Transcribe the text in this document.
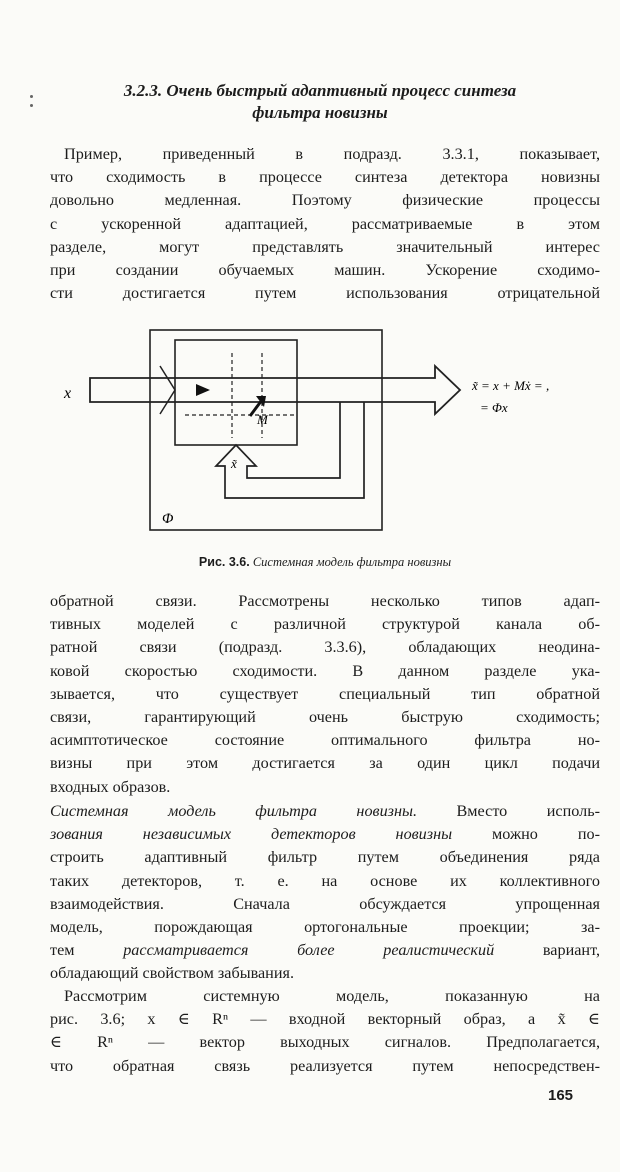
3.2.3. Очень быстрый адаптивный процесс синтеза
фильтра новизны
Пример, приведенный в подразд. 3.3.1, показывает,
что сходимость в процессе синтеза детектора новизны
довольно медленная. Поэтому физические процессы
с ускоренной адаптацией, рассматриваемые в этом
разделе, могут представлять значительный интерес
при создании обучаемых машин. Ускорение сходимо-
сти достигается путем использования отрицательной
x	x̃ = x + Mẋ = ,
= Φx
M
x̃
Φ
Рис. 3.6. Системная модель фильтра новизны
обратной связи. Рассмотрены несколько типов адап-
тивных моделей с различной структурой канала об-
ратной связи (подразд. 3.3.6), обладающих неодина-
ковой скоростью сходимости. В данном разделе ука-
зывается, что существует специальный тип обратной
связи, гарантирующий очень быструю сходимость;
асимптотическое состояние оптимального фильтра но-
визны при этом достигается за один цикл подачи
входных образов.
Системная модель фильтра новизны. Вместо исполь-
зования независимых детекторов новизны можно по-
строить адаптивный фильтр путем объединения ряда
таких детекторов, т. е. на основе их коллективного
взаимодействия. Сначала обсуждается упрощенная
модель, порождающая ортогональные проекции; за-
тем рассматривается более реалистический вариант,
обладающий свойством забывания.
Рассмотрим системную модель, показанную на
рис. 3.6; x ∈ Rⁿ — входной векторный образ, а x̃ ∈
∈ Rⁿ — вектор выходных сигналов. Предполагается,
что обратная связь реализуется путем непосредствен-
165
